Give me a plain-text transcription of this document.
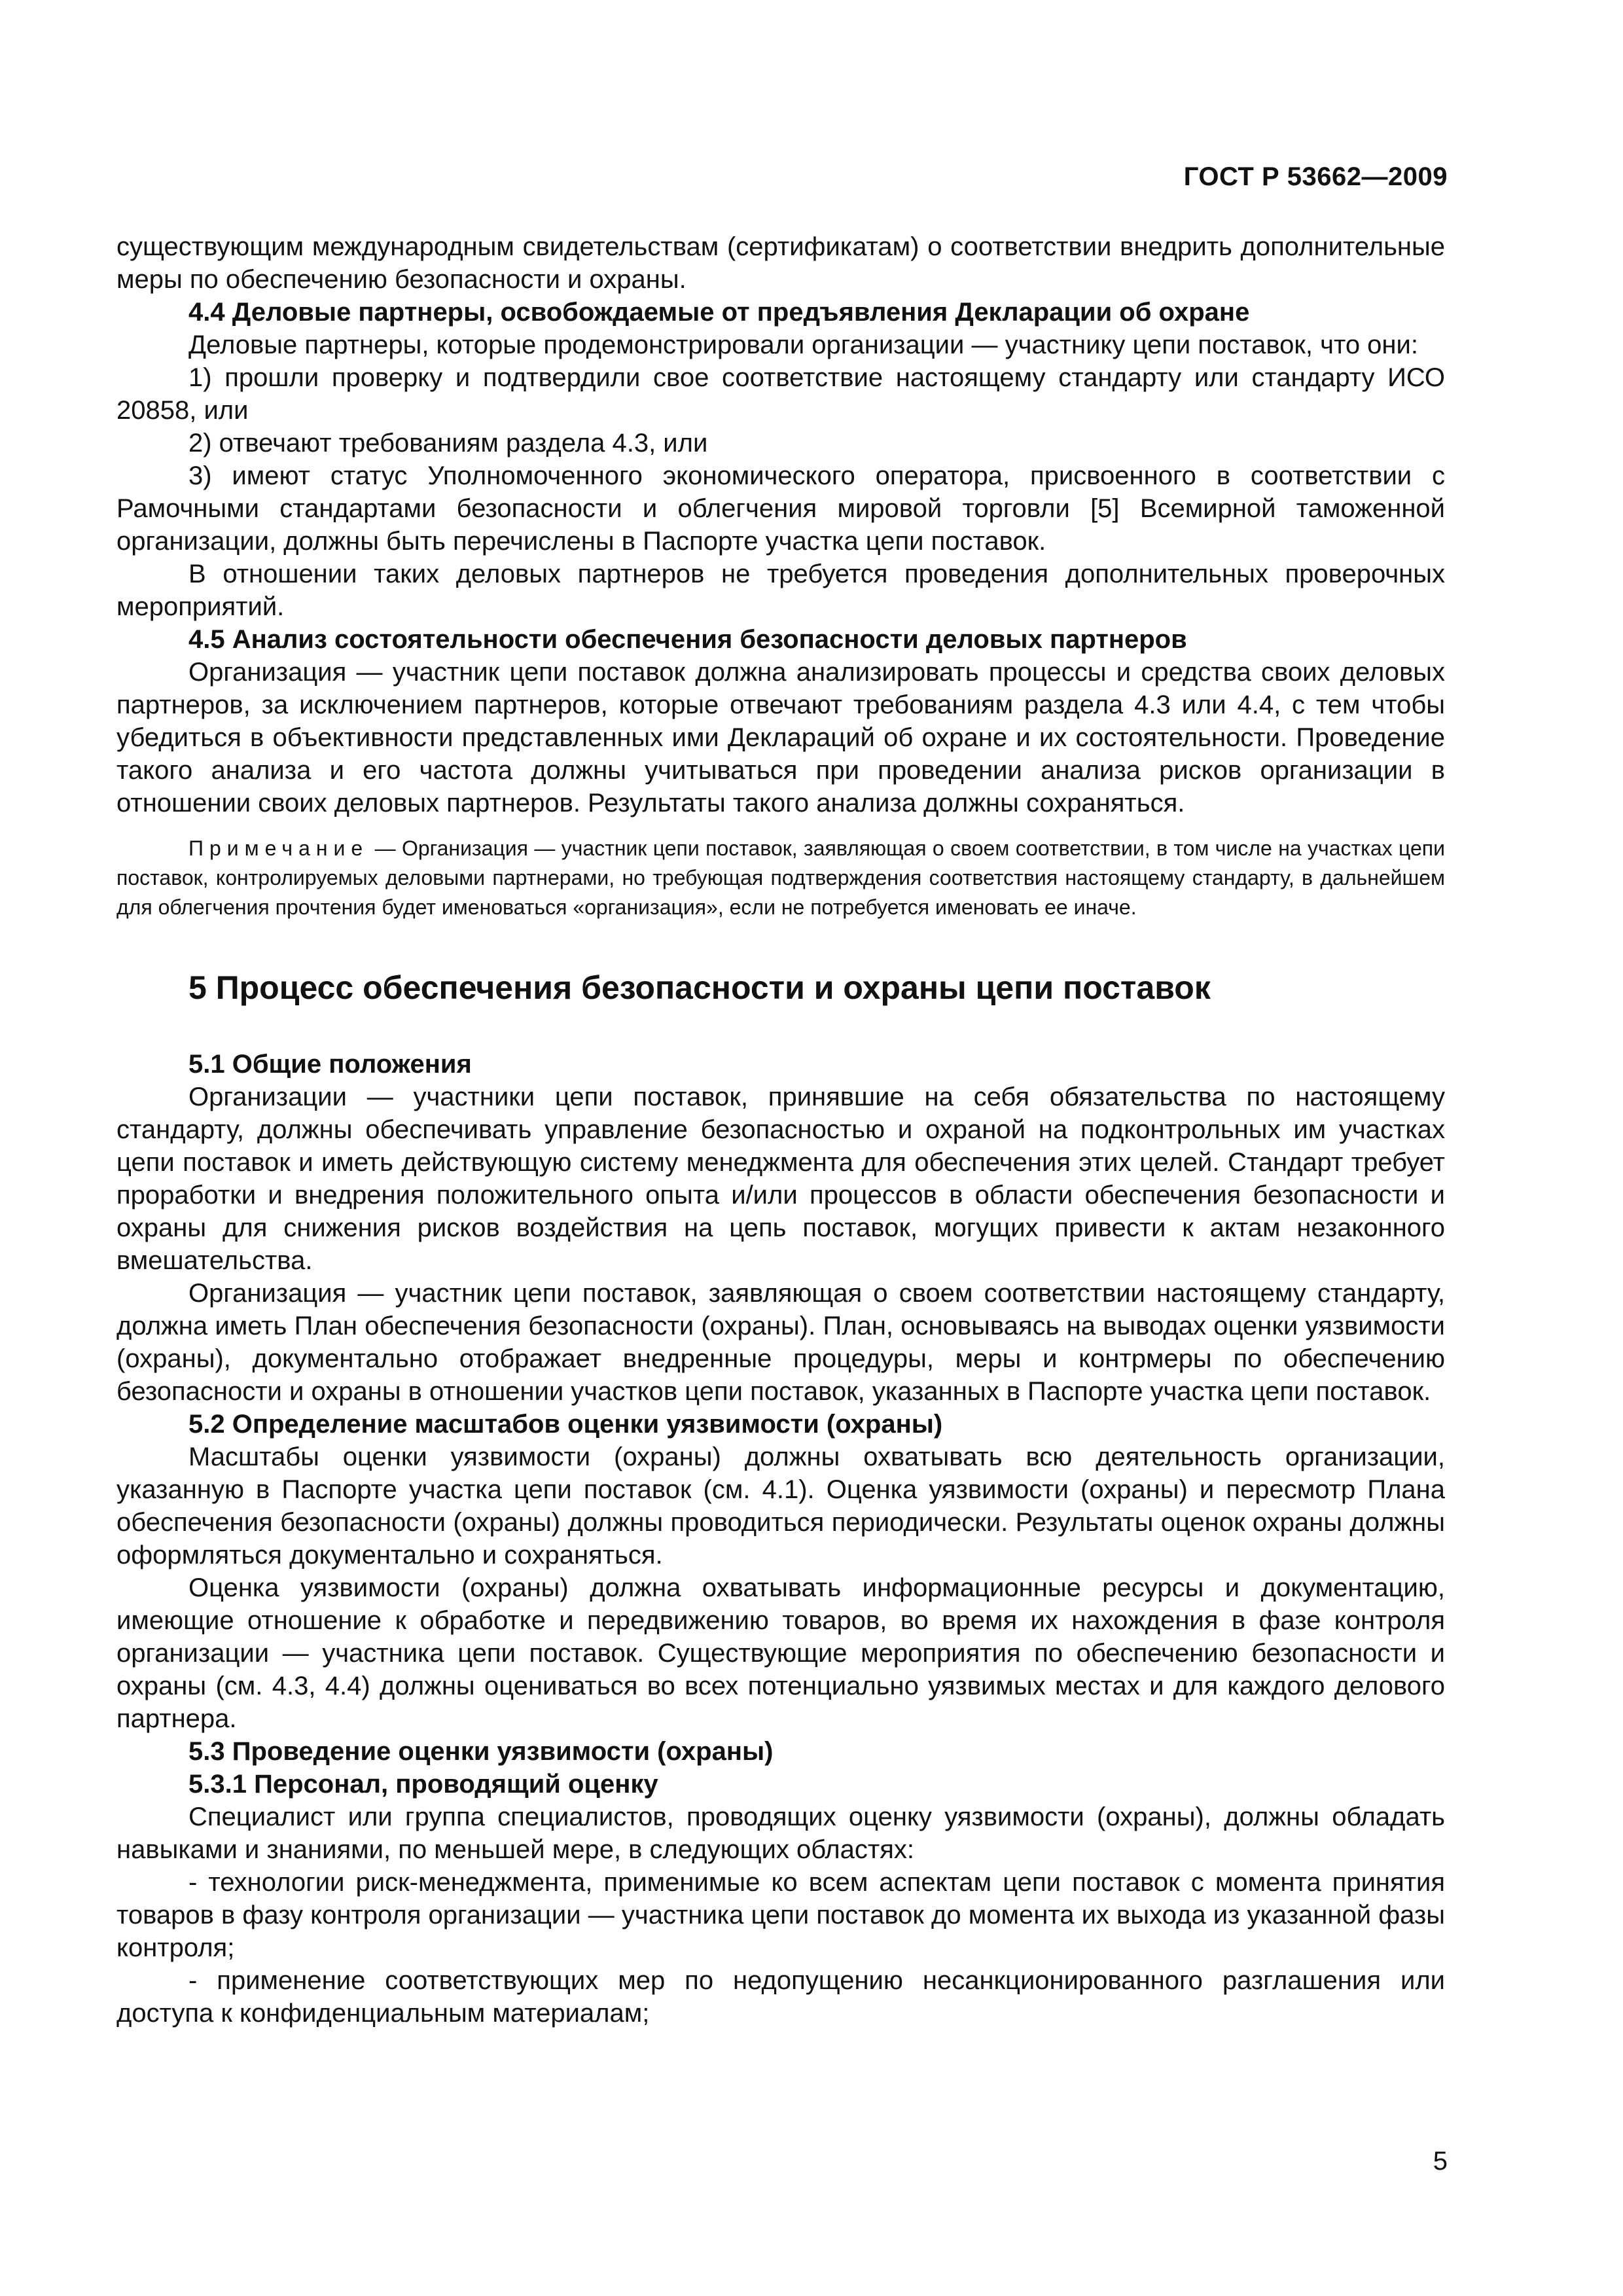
ГОСТ Р 53662—2009

существующим международным свидетельствам (сертификатам) о соответствии внедрить дополнительные меры по обеспечению безопасности и охраны.

4.4 Деловые партнеры, освобождаемые от предъявления Декларации об охране

Деловые партнеры, которые продемонстрировали организации — участнику цепи поставок, что они:

1) прошли проверку и подтвердили свое соответствие настоящему стандарту или стандарту ИСО 20858, или

2) отвечают требованиям раздела 4.3, или

3) имеют статус Уполномоченного экономического оператора, присвоенного в соответствии с Рамочными стандартами безопасности и облегчения мировой торговли [5] Всемирной таможенной организации, должны быть перечислены в Паспорте участка цепи поставок.

В отношении таких деловых партнеров не требуется проведения дополнительных проверочных мероприятий.

4.5 Анализ состоятельности обеспечения безопасности деловых партнеров

Организация — участник цепи поставок должна анализировать процессы и средства своих деловых партнеров, за исключением партнеров, которые отвечают требованиям раздела 4.3 или 4.4, с тем чтобы убедиться в объективности представленных ими Деклараций об охране и их состоятельности. Проведение такого анализа и его частота должны учитываться при проведении анализа рисков организации в отношении своих деловых партнеров. Результаты такого анализа должны сохраняться.

Примечание — Организация — участник цепи поставок, заявляющая о своем соответствии, в том числе на участках цепи поставок, контролируемых деловыми партнерами, но требующая подтверждения соответствия настоящему стандарту, в дальнейшем для облегчения прочтения будет именоваться «организация», если не потребуется именовать ее иначе.

5 Процесс обеспечения безопасности и охраны цепи поставок
5.1 Общие положения

Организации — участники цепи поставок, принявшие на себя обязательства по настоящему стандарту, должны обеспечивать управление безопасностью и охраной на подконтрольных им участках цепи поставок и иметь действующую систему менеджмента для обеспечения этих целей. Стандарт требует проработки и внедрения положительного опыта и/или процессов в области обеспечения безопасности и охраны для снижения рисков воздействия на цепь поставок, могущих привести к актам незаконного вмешательства.

Организация — участник цепи поставок, заявляющая о своем соответствии настоящему стандарту, должна иметь План обеспечения безопасности (охраны). План, основываясь на выводах оценки уязвимости (охраны), документально отображает внедренные процедуры, меры и контрмеры по обеспечению безопасности и охраны в отношении участков цепи поставок, указанных в Паспорте участка цепи поставок.

5.2 Определение масштабов оценки уязвимости (охраны)

Масштабы оценки уязвимости (охраны) должны охватывать всю деятельность организации, указанную в Паспорте участка цепи поставок (см. 4.1). Оценка уязвимости (охраны) и пересмотр Плана обеспечения безопасности (охраны) должны проводиться периодически. Результаты оценок охраны должны оформляться документально и сохраняться.

Оценка уязвимости (охраны) должна охватывать информационные ресурсы и документацию, имеющие отношение к обработке и передвижению товаров, во время их нахождения в фазе контроля организации — участника цепи поставок. Существующие мероприятия по обеспечению безопасности и охраны (см. 4.3, 4.4) должны оцениваться во всех потенциально уязвимых местах и для каждого делового партнера.

5.3 Проведение оценки уязвимости (охраны)
5.3.1 Персонал, проводящий оценку

Специалист или группа специалистов, проводящих оценку уязвимости (охраны), должны обладать навыками и знаниями, по меньшей мере, в следующих областях:

- технологии риск-менеджмента, применимые ко всем аспектам цепи поставок с момента принятия товаров в фазу контроля организации — участника цепи поставок до момента их выхода из указанной фазы контроля;

- применение соответствующих мер по недопущению несанкционированного разглашения или доступа к конфиденциальным материалам;

5
